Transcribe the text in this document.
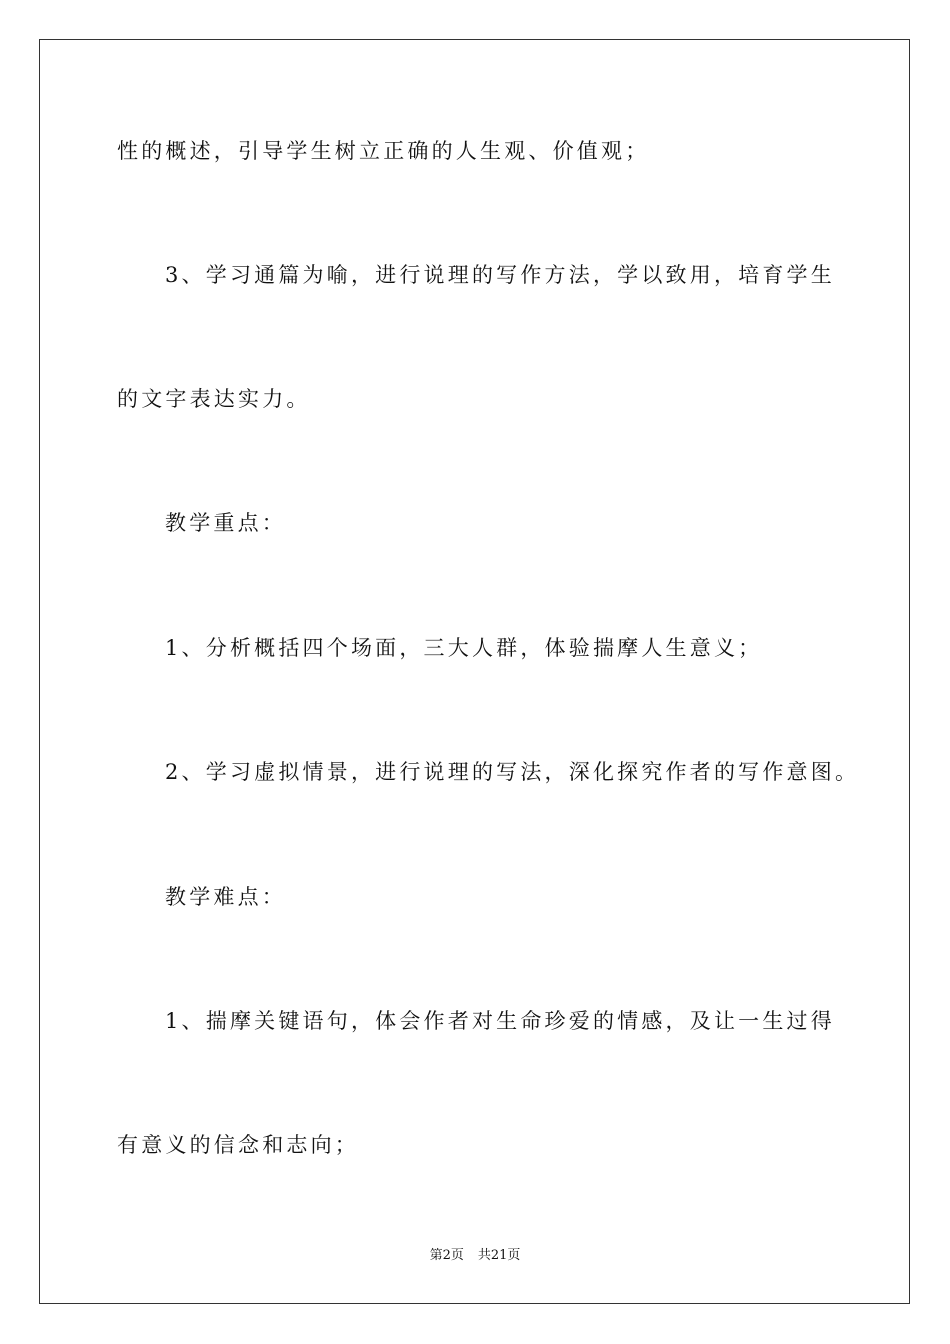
性的概述，引导学生树立正确的人生观、价值观；
3、学习通篇为喻，进行说理的写作方法，学以致用，培育学生
的文字表达实力。
教学重点：
1、分析概括四个场面，三大人群，体验揣摩人生意义；
2、学习虚拟情景，进行说理的写法，深化探究作者的写作意图。
教学难点：
1、揣摩关键语句，体会作者对生命珍爱的情感，及让一生过得
有意义的信念和志向；
第2页 共21页
